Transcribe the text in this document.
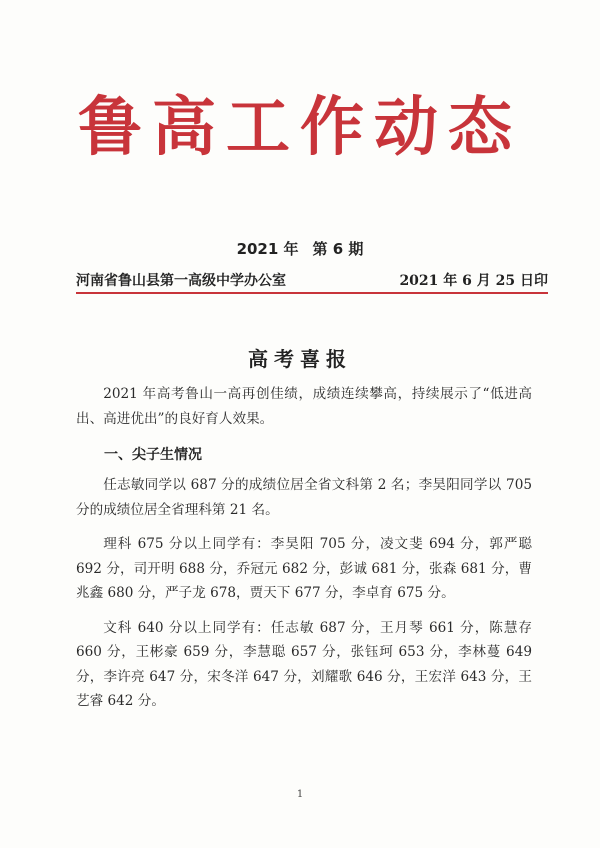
鲁高工作动态
2021 年 第 6 期
河南省鲁山县第一高级中学办公室	2021 年 6 月 25 日印
高考喜报

2021 年高考鲁山一高再创佳绩，成绩连续攀高，持续展示了“低进高出、高进优出”的良好育人效果。

一、尖子生情况

任志敏同学以 687 分的成绩位居全省文科第 2 名；李昊阳同学以 705 分的成绩位居全省理科第 21 名。

理科 675 分以上同学有：李昊阳 705 分，凌文斐 694 分，郭严聪 692 分，司开明 688 分，乔冠元 682 分，彭诚 681 分，张森 681 分，曹兆鑫 680 分，严子龙 678，贾天下 677 分，李卓育 675 分。

文科 640 分以上同学有：任志敏 687 分，王月琴 661 分，陈慧存 660 分，王彬豪 659 分，李慧聪 657 分，张钰珂 653 分，李林蔓 649 分，李许亮 647 分，宋冬洋 647 分，刘耀歌 646 分，王宏洋 643 分，王艺睿 642 分。

1
